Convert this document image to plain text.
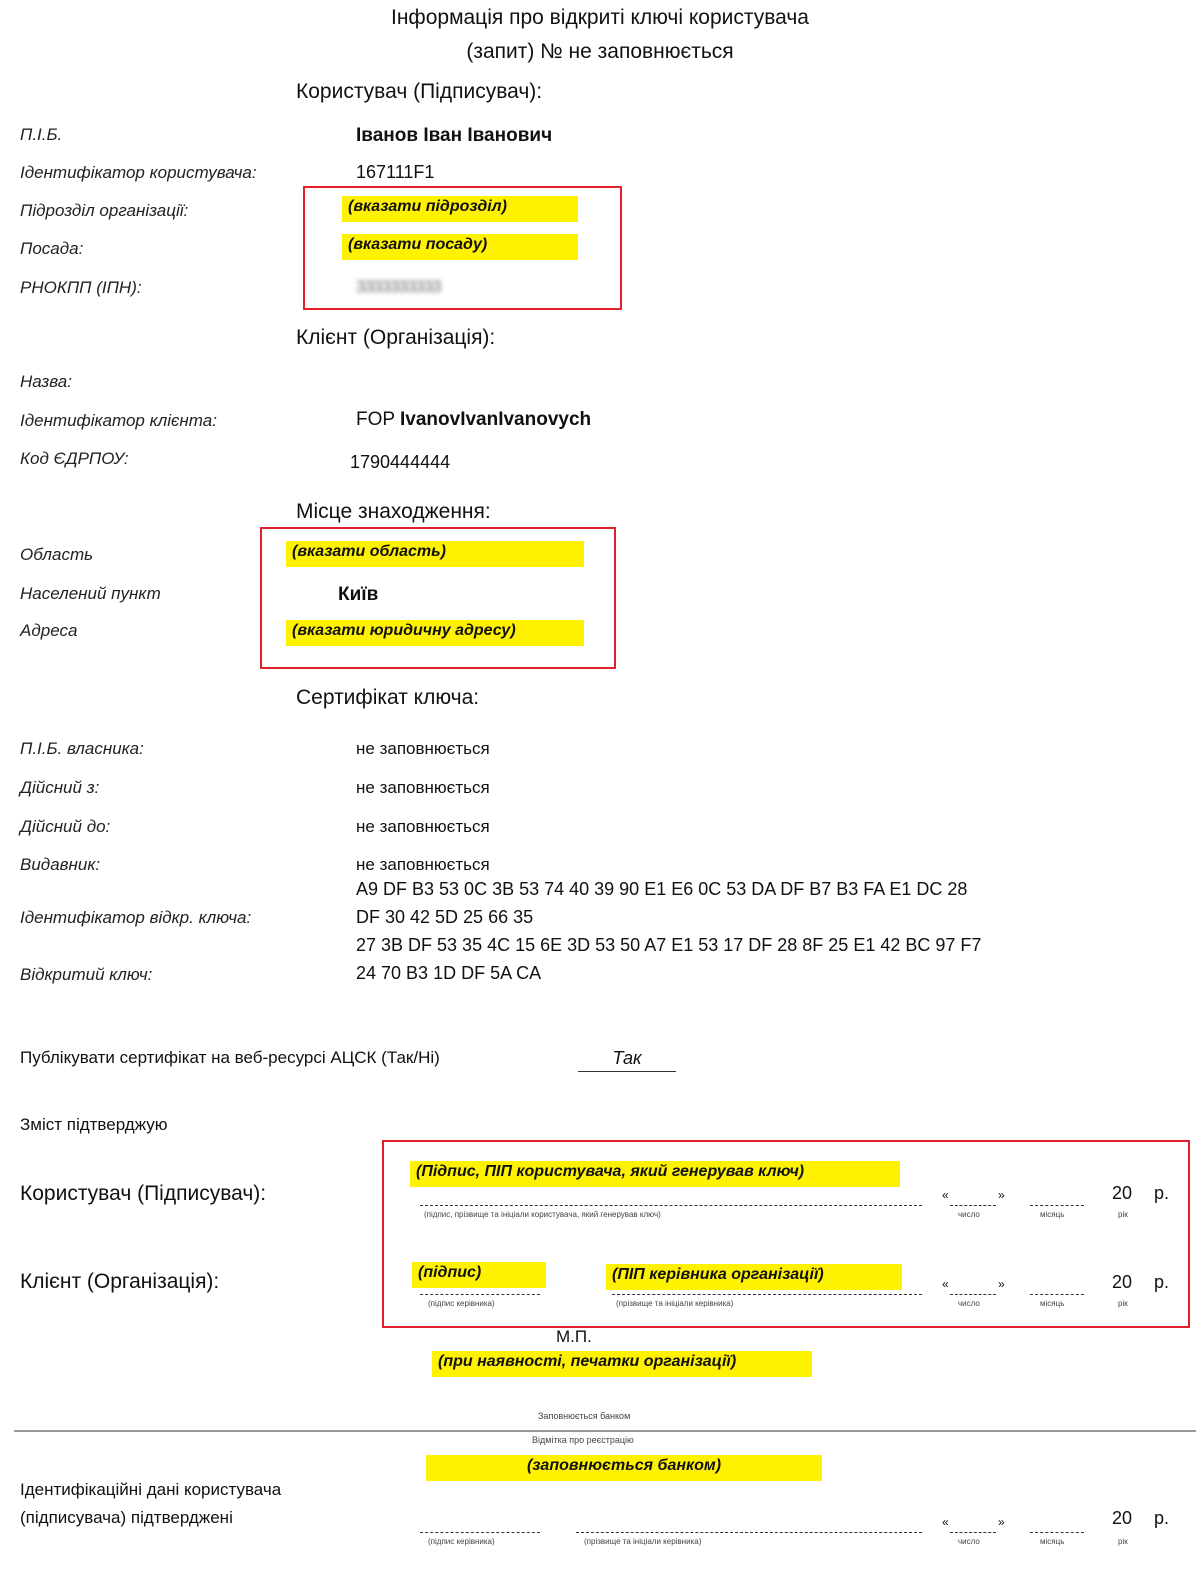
Інформація про відкриті ключі користувача
(запит) № не заповнюється
Користувач (Підписувач):
П.І.Б.	Іванов Іван Іванович
Ідентифікатор користувача:	167111F1
Підрозділ організації:	(вказати підрозділ)
Посада:	(вказати посаду)
РНОКПП (ІПН):	3333333333
Клієнт (Організація):
Назва:
Ідентифікатор клієнта:	FOP IvanovIvanIvanovych
Код ЄДРПОУ:	1790444444
Місце знаходження:
Область	(вказати область)
Населений пункт	Київ
Адреса	(вказати юридичну адресу)
Сертифікат ключа:
П.І.Б. власника:	не заповнюється
Дійсний з:	не заповнюється
Дійсний до:	не заповнюється
Видавник:	не заповнюється
A9 DF B3 53 0C 3B 53 74 40 39 90 E1 E6 0C 53 DA DF B7 B3 FA E1 DC 28
Ідентифікатор відкр. ключа:	DF 30 42 5D 25 66 35
27 3B DF 53 35 4C 15 6E 3D 53 50 A7 E1 53 17 DF 28 8F 25 E1 42 BC 97 F7
Відкритий ключ:	24 70 B3 1D DF 5A CA
Публікувати сертифікат на веб-ресурсі АЦСК (Так/Ні)	Так
Зміст підтверджую
Користувач (Підписувач):
(Підпис, ПІП користувача, який генерував ключ)
(підпис, прізвище та ініціали користувача, який генерував ключ)
Клієнт (Організація):	(підпис)	(ПІП керівника організації)
(підпис керівника)	(прізвище та ініціали керівника)
«	»
число	місяць
20 р.
рік
«	»
число	місяць
20 р.
рік
М.П.
(при наявності, печатки організації)
Заповнюється банком
Відмітка про реєстрацію
(заповнюється банком)
Ідентифікаційні дані користувача
(підписувача) підтверджені
(підпис керівника)	(прізвище та ініціали керівника)
«	»
число	місяць
20 р.
рік
